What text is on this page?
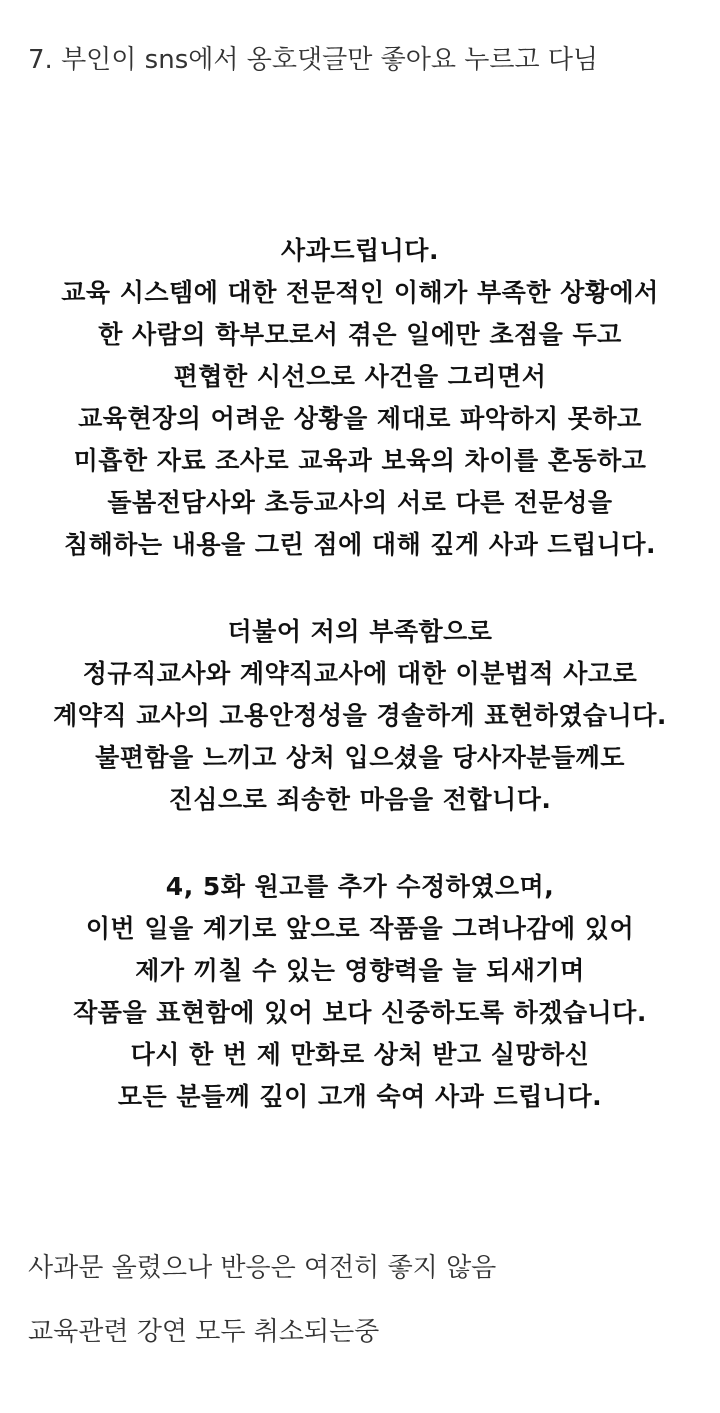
7. 부인이 sns에서 옹호댓글만 좋아요 누르고 다님
사과드립니다.
교육 시스템에 대한 전문적인 이해가 부족한 상황에서
한 사람의 학부모로서 겪은 일에만 초점을 두고
편협한 시선으로 사건을 그리면서
교육현장의 어려운 상황을 제대로 파악하지 못하고
미흡한 자료 조사로 교육과 보육의 차이를 혼동하고
돌봄전담사와 초등교사의 서로 다른 전문성을
침해하는 내용을 그린 점에 대해 깊게 사과 드립니다.
더불어 저의 부족함으로
정규직교사와 계약직교사에 대한 이분법적 사고로
계약직 교사의 고용안정성을 경솔하게 표현하였습니다.
불편함을 느끼고 상처 입으셨을 당사자분들께도
진심으로 죄송한 마음을 전합니다.
4, 5화 원고를 추가 수정하였으며,
이번 일을 계기로 앞으로 작품을 그려나감에 있어
제가 끼칠 수 있는 영향력을 늘 되새기며
작품을 표현함에 있어 보다 신중하도록 하겠습니다.
다시 한 번 제 만화로 상처 받고 실망하신
모든 분들께 깊이 고개 숙여 사과 드립니다.
사과문 올렸으나 반응은 여전히 좋지 않음
교육관련 강연 모두 취소되는중
